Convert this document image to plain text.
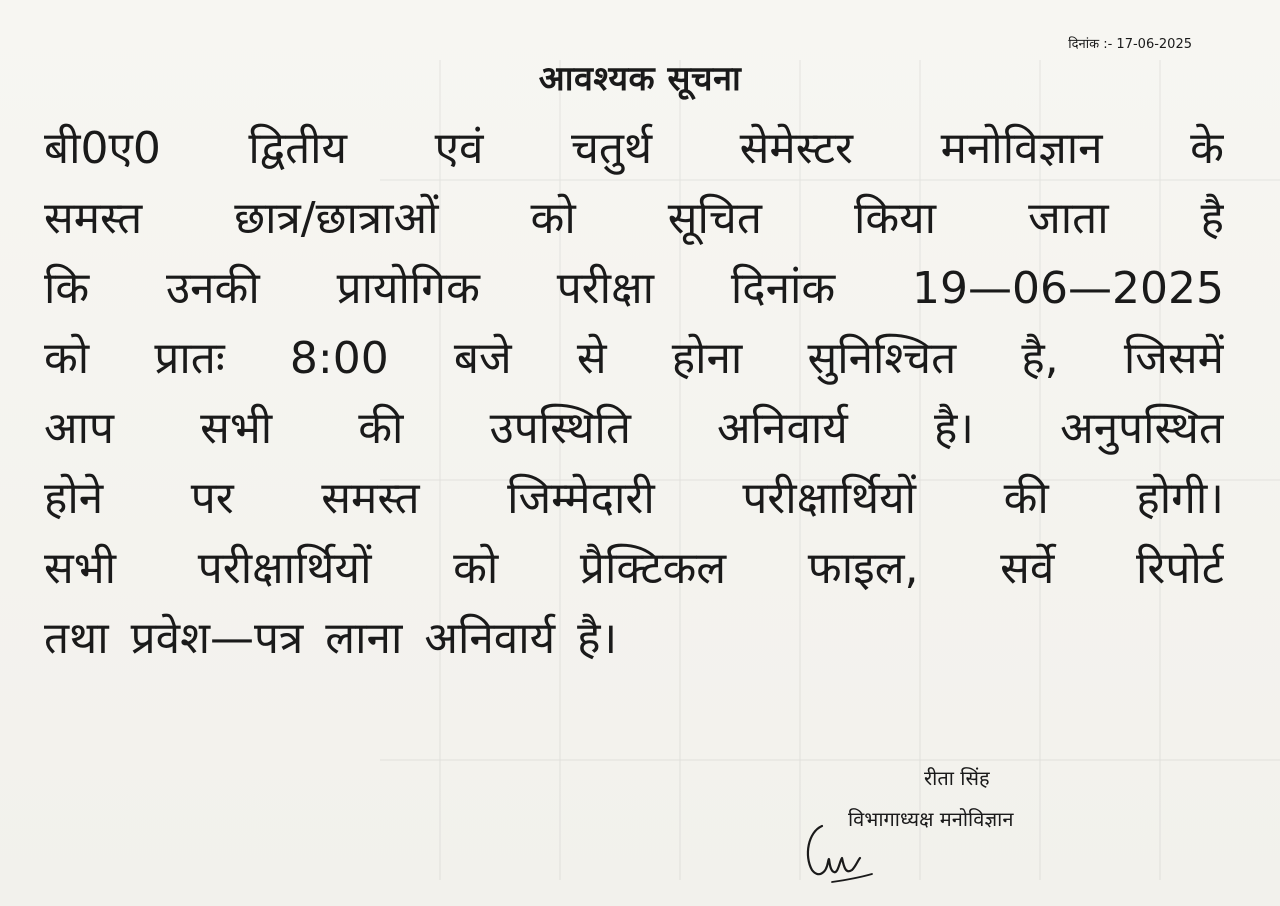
दिनांक :- 17-06-2025
आवश्यक सूचना
बी0ए0 द्वितीय एवं चतुर्थ सेमेस्टर मनोविज्ञान के
समस्त छात्र/छात्राओं को सूचित किया जाता है
कि उनकी प्रायोगिक परीक्षा दिनांक 19—06—2025
को प्रातः 8:00 बजे से होना सुनिश्चित है, जिसमें
आप सभी की उपस्थिति अनिवार्य है। अनुपस्थित
होने पर समस्त जिम्मेदारी परीक्षार्थियों की होगी।
सभी परीक्षार्थियों को प्रैक्टिकल फाइल, सर्वे रिपोर्ट
तथा प्रवेश—पत्र लाना अनिवार्य है।
रीता सिंह
विभागाध्यक्ष मनोविज्ञान
